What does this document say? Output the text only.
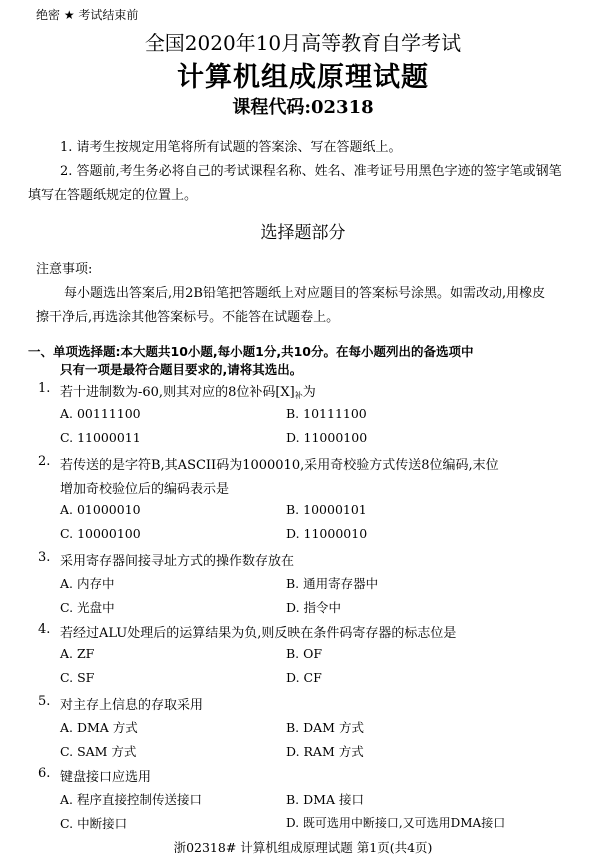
绝密 ★ 考试结束前
全国2020年10月高等教育自学考试
计算机组成原理试题
课程代码:02318
1. 请考生按规定用笔将所有试题的答案涂、写在答题纸上。
2. 答题前,考生务必将自己的考试课程名称、姓名、准考证号用黑色字迹的签字笔或钢笔
填写在答题纸规定的位置上。
选择题部分
注意事项:
每小题选出答案后,用2B铅笔把答题纸上对应题目的答案标号涂黑。如需改动,用橡皮
擦干净后,再选涂其他答案标号。不能答在试题卷上。
一、单项选择题:本大题共10小题,每小题1分,共10分。在每小题列出的备选项中
只有一项是最符合题目要求的,请将其选出。
1. 若十进制数为-60,则其对应的8位补码$[X]_补$为
A. 00111100	B. 10111100
C. 11000011	D. 11000100
2. 若传送的是字符B,其ASCII码为1000010,采用奇校验方式传送8位编码,末位
增加奇校验位后的编码表示是
A. 01000010	B. 10000101
C. 10000100	D. 11000010
3. 采用寄存器间接寻址方式的操作数存放在
A. 内存中	B. 通用寄存器中
C. 光盘中	D. 指令中
4. 若经过ALU处理后的运算结果为负,则反映在条件码寄存器的标志位是
A. ZF	B. OF
C. SF	D. CF
5. 对主存上信息的存取采用
A. DMA 方式	B. DAM 方式
C. SAM 方式	D. RAM 方式
6. 键盘接口应选用
A. 程序直接控制传送接口	B. DMA 接口
C. 中断接口	D. 既可选用中断接口,又可选用DMA接口
浙02318# 计算机组成原理试题 第1页(共4页)
